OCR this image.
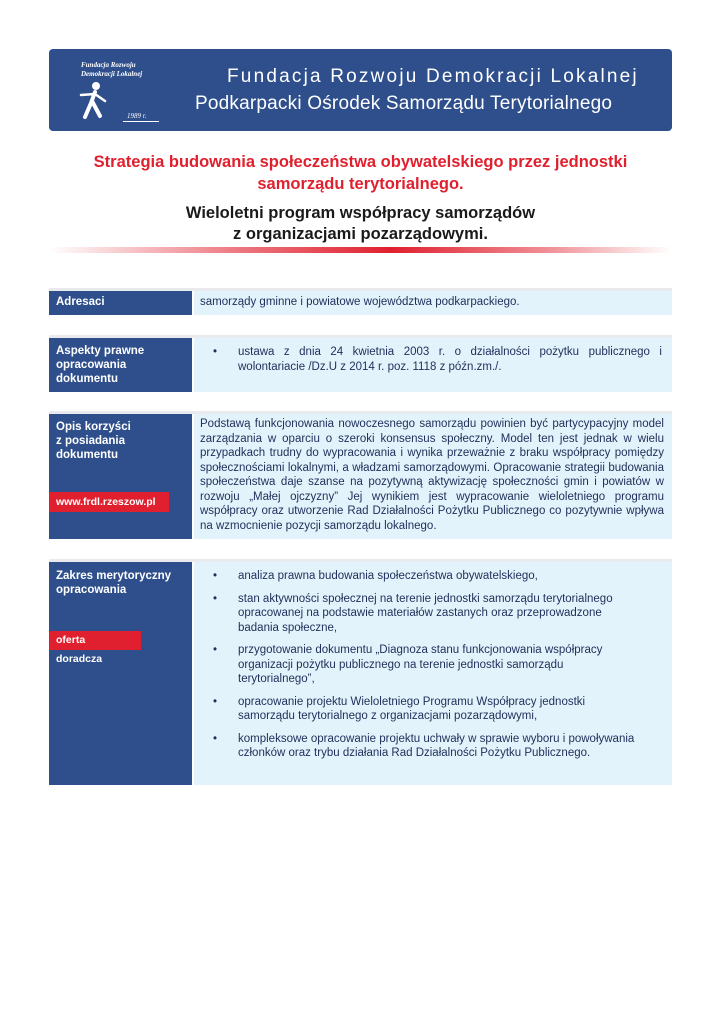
Fundacja Rozwoju
Demokracji Lokalnej
1989 r.
Fundacja Rozwoju Demokracji Lokalnej
Podkarpacki Ośrodek Samorządu Terytorialnego
Strategia budowania społeczeństwa obywatelskiego przez jednostki
samorządu terytorialnego.
Wieloletni program współpracy samorządów
z organizacjami pozarządowymi.
Adresaci	samorządy gminne i powiatowe województwa podkarpackiego.
Aspekty prawne
opracowania
dokumentu
• ustawa z dnia 24 kwietnia 2003 r. o działalności pożytku publicznego i wolontariacie /Dz.U z 2014 r. poz. 1118 z późn.zm./.
Opis korzyści
z posiadania
dokumentu
www.frdl.rzeszow.pl
Podstawą funkcjonowania nowoczesnego samorządu powinien być partycypacyjny model zarządzania w oparciu o szeroki konsensus społeczny. Model ten jest jednak w wielu przypadkach trudny do wypracowania i wynika przeważnie z braku współpracy pomiędzy społecznościami lokalnymi, a władzami samorządowymi. Opracowanie strategii budowania społeczeństwa daje szanse na pozytywną aktywizację społeczności gmin i powiatów w rozwoju „Małej ojczyzny” Jej wynikiem jest wypracowanie wieloletniego programu współpracy oraz utworzenie Rad Działalności Pożytku Publicznego co pozytywnie wpływa na wzmocnienie pozycji samorządu lokalnego.
Zakres merytoryczny
opracowania
oferta doradcza
• analiza prawna budowania społeczeństwa obywatelskiego,
• stan aktywności społecznej na terenie jednostki samorządu terytorialnego opracowanej na podstawie materiałów zastanych oraz przeprowadzone badania społeczne,
• przygotowanie dokumentu „Diagnoza stanu funkcjonowania współpracy organizacji pożytku publicznego na terenie jednostki samorządu terytorialnego”,
• opracowanie projektu Wieloletniego Programu Współpracy jednostki samorządu terytorialnego z organizacjami pozarządowymi,
• kompleksowe opracowanie projektu uchwały w sprawie wyboru i powoływania członków oraz trybu działania Rad Działalności Pożytku Publicznego.
